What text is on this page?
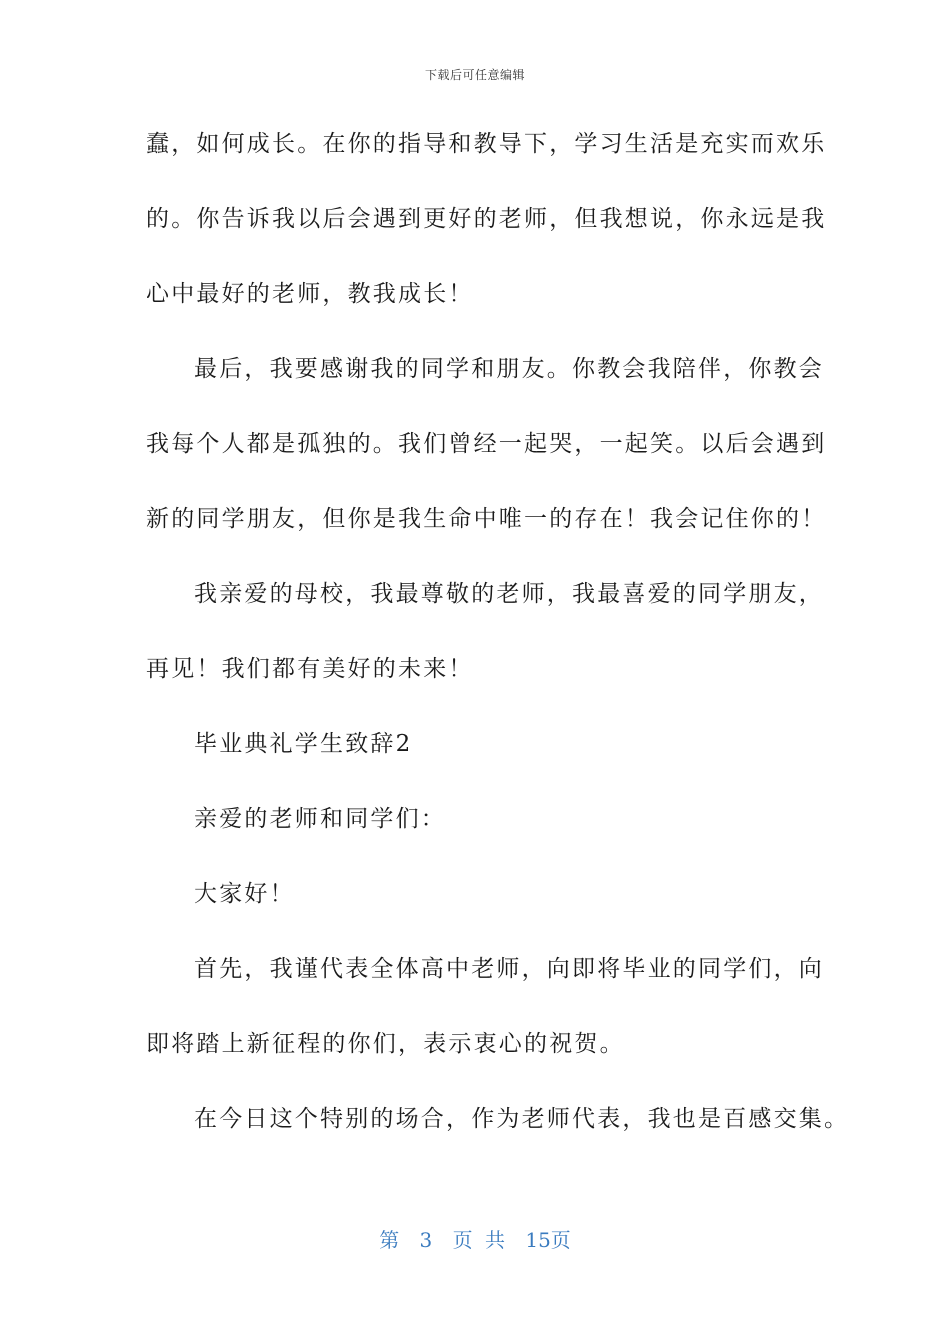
下载后可任意编辑
蠢，如何成长。在你的指导和教导下，学习生活是充实而欢乐
的。你告诉我以后会遇到更好的老师，但我想说，你永远是我
心中最好的老师，教我成长！
最后，我要感谢我的同学和朋友。你教会我陪伴，你教会
我每个人都是孤独的。我们曾经一起哭，一起笑。以后会遇到
新的同学朋友，但你是我生命中唯一的存在！我会记住你的！
我亲爱的母校，我最尊敬的老师，我最喜爱的同学朋友，
再见！我们都有美好的未来！
毕业典礼学生致辞2
亲爱的老师和同学们：
大家好！
首先，我谨代表全体高中老师，向即将毕业的同学们，向
即将踏上新征程的你们，表示衷心的祝贺。
在今日这个特别的场合，作为老师代表，我也是百感交集。
第 3 页 共 15页
